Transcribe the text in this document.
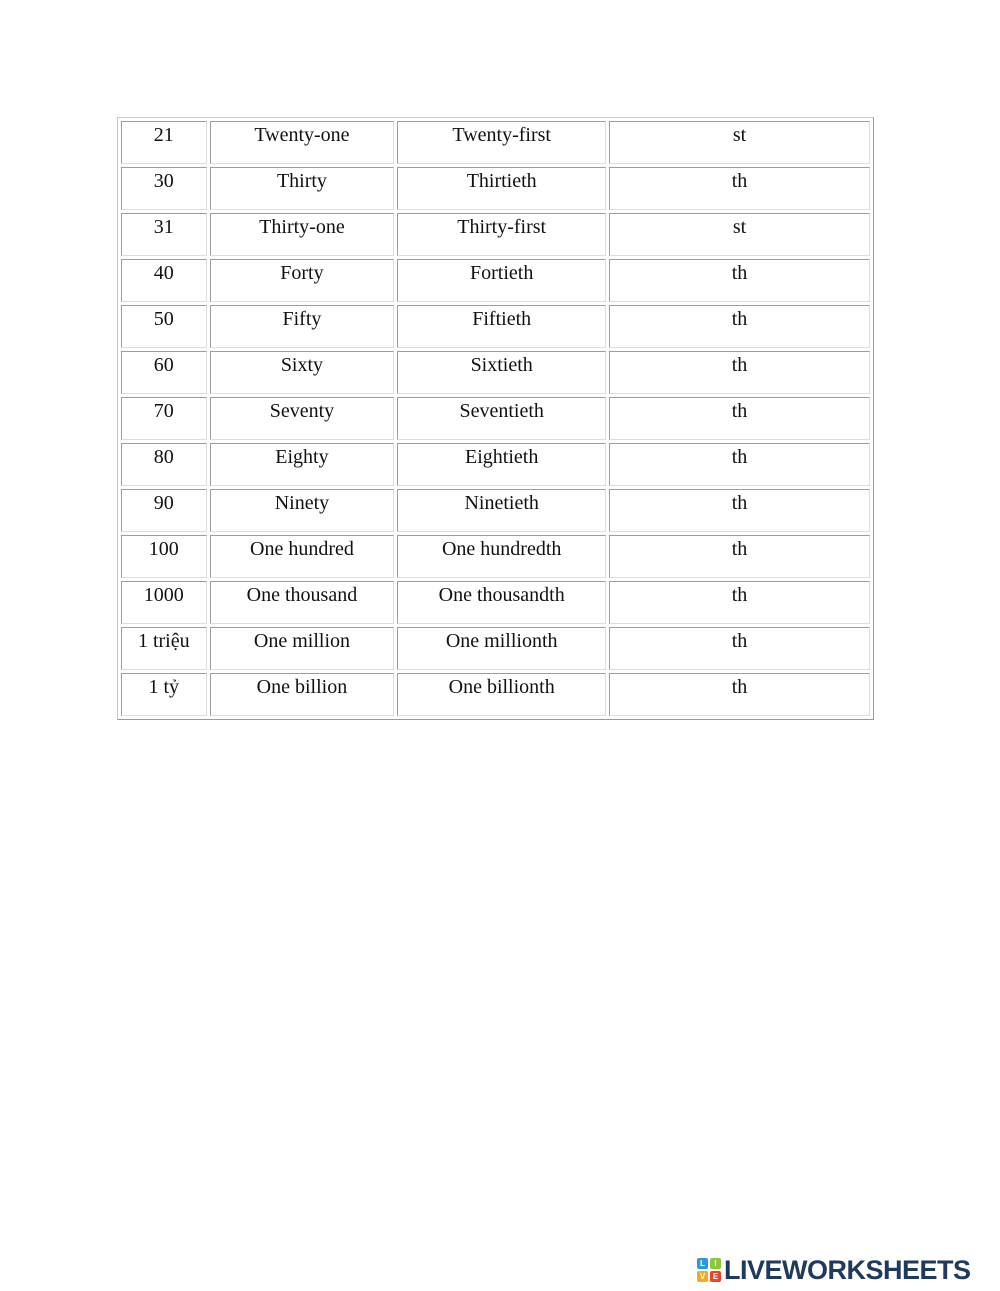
21	Twenty-one	Twenty-first	st
30	Thirty	Thirtieth	th
31	Thirty-one	Thirty-first	st
40	Forty	Fortieth	th
50	Fifty	Fiftieth	th
60	Sixty	Sixtieth	th
70	Seventy	Seventieth	th
80	Eighty	Eightieth	th
90	Ninety	Ninetieth	th
100	One hundred	One hundredth	th
1000	One thousand	One thousandth	th
1 triệu	One million	One millionth	th
1 tỷ	One billion	One billionth	th
L	I
V E LIVEWORKSHEETS
